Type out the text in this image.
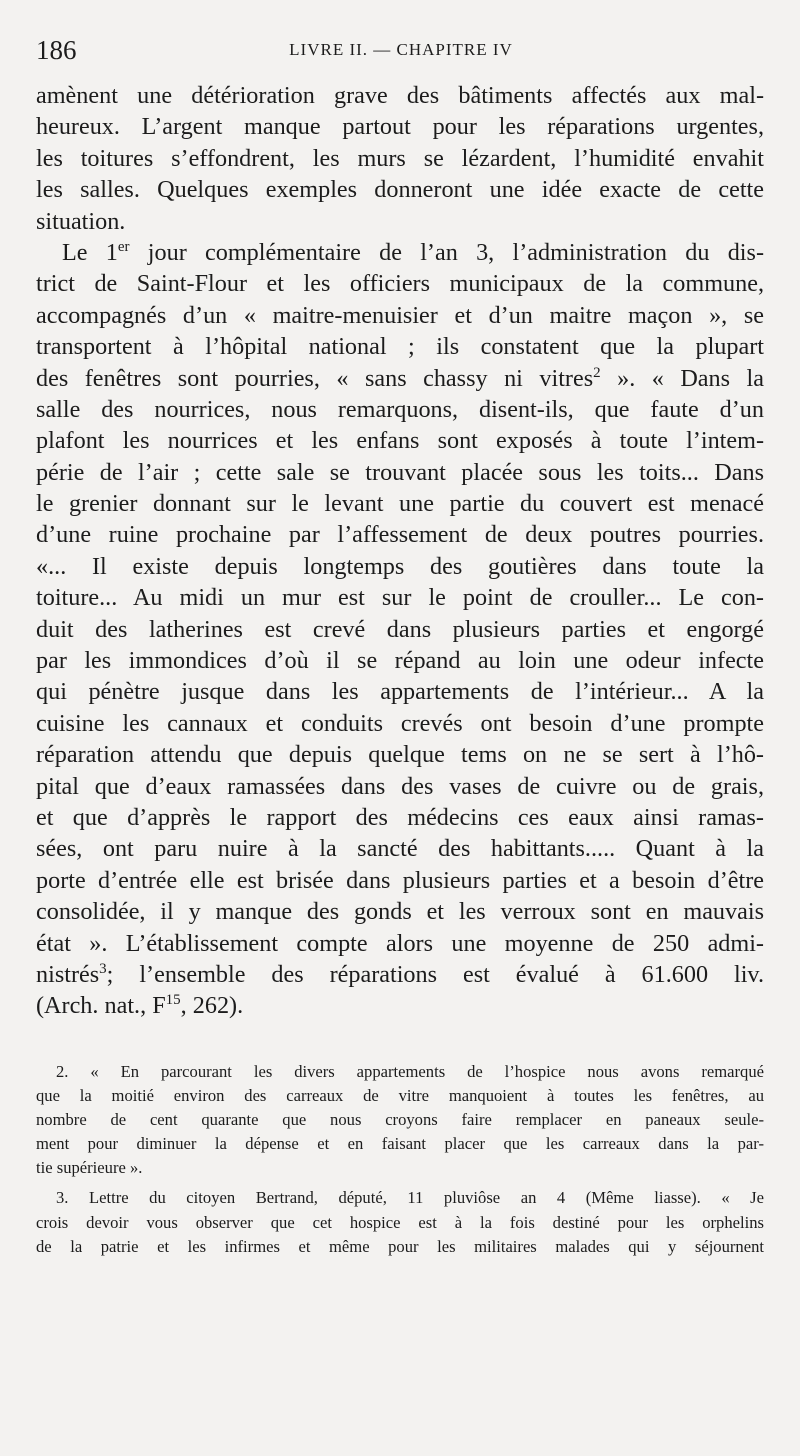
186	LIVRE II. — CHAPITRE IV
amènent une détérioration grave des bâtiments affectés aux mal-
heureux. L’argent manque partout pour les réparations urgentes,
les toitures s’effondrent, les murs se lézardent, l’humidité envahit
les salles. Quelques exemples donneront une idée exacte de cette
situation.
Le 1er jour complémentaire de l’an 3, l’administration du dis-
trict de Saint-Flour et les officiers municipaux de la commune,
accompagnés d’un « maitre-menuisier et d’un maitre maçon », se
transportent à l’hôpital national ; ils constatent que la plupart
des fenêtres sont pourries, « sans chassy ni vitres$^2$ ». « Dans la
salle des nourrices, nous remarquons, disent-ils, que faute d’un
plafont les nourrices et les enfans sont exposés à toute l’intem-
périe de l’air ; cette sale se trouvant placée sous les toits... Dans
le grenier donnant sur le levant une partie du couvert est menacé
d’une ruine prochaine par l’affessement de deux poutres pourries.
«... Il existe depuis longtemps des goutières dans toute la
toiture... Au midi un mur est sur le point de crouller... Le con-
duit des latherines est crevé dans plusieurs parties et engorgé
par les immondices d’où il se répand au loin une odeur infecte
qui pénètre jusque dans les appartements de l’intérieur... A la
cuisine les cannaux et conduits crevés ont besoin d’une prompte
réparation attendu que depuis quelque tems on ne se sert à l’hô-
pital que d’eaux ramassées dans des vases de cuivre ou de grais,
et que d’apprès le rapport des médecins ces eaux ainsi ramas-
sées, ont paru nuire à la sancté des habittants..... Quant à la
porte d’entrée elle est brisée dans plusieurs parties et a besoin d’être
consolidée, il y manque des gonds et les verroux sont en mauvais
état ». L’établissement compte alors une moyenne de 250 admi-
nistrés$^3$; l’ensemble des réparations est évalué à 61.600 liv.
(Arch. nat., $F^{15}$, 262).
2. « En parcourant les divers appartements de l’hospice nous avons remarqué
que la moitié environ des carreaux de vitre manquoient à toutes les fenêtres, au
nombre de cent quarante que nous croyons faire remplacer en paneaux seule-
ment pour diminuer la dépense et en faisant placer que les carreaux dans la par-
tie supérieure ».
3. Lettre du citoyen Bertrand, député, 11 pluviôse an 4 (Même liasse). « Je
crois devoir vous observer que cet hospice est à la fois destiné pour les orphelins
de la patrie et les infirmes et même pour les militaires malades qui y séjournent
